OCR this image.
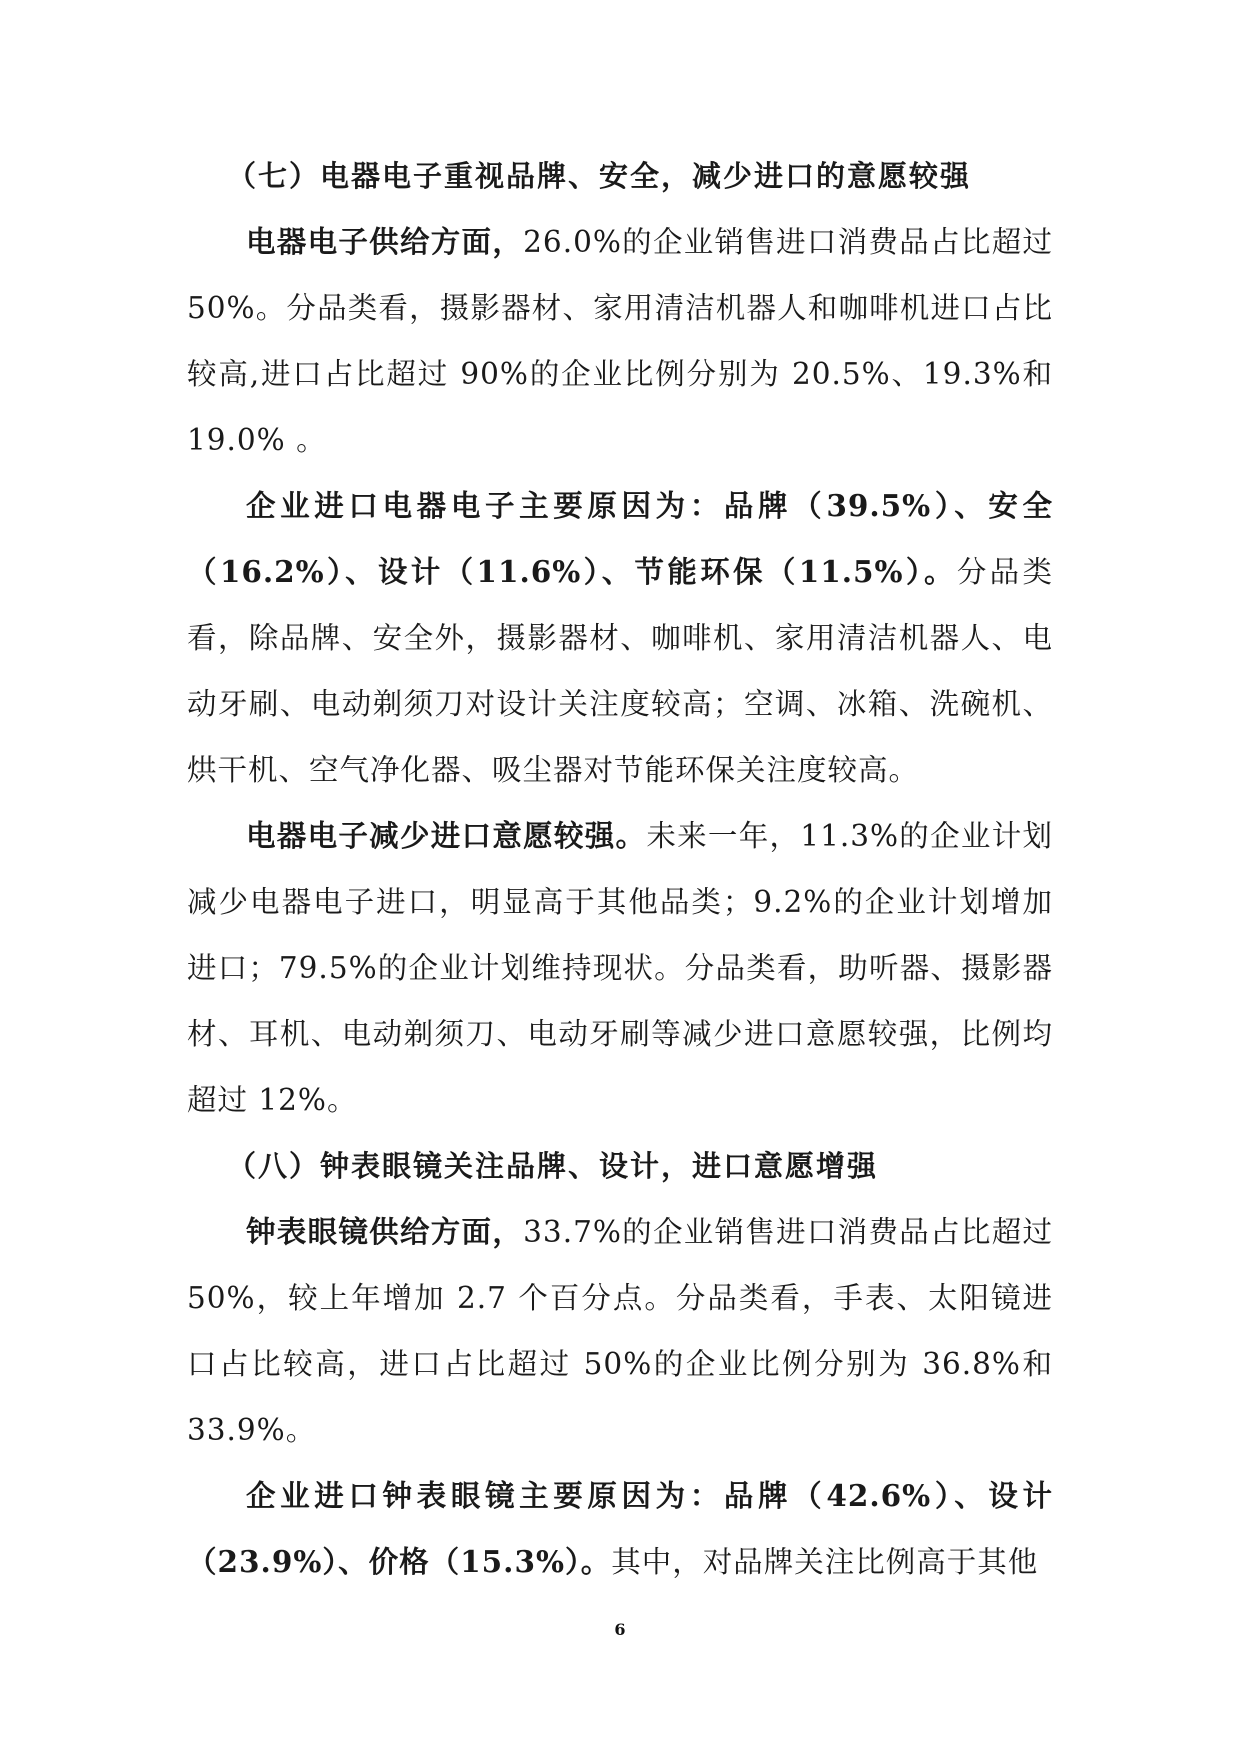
（七）电器电子重视品牌、安全，减少进口的意愿较强

电器电子供给方面，26.0%的企业销售进口消费品占比超过 50%。分品类看，摄影器材、家用清洁机器人和咖啡机进口占比较高,进口占比超过 90%的企业比例分别为 20.5%、19.3%和 19.0% 。

企业进口电器电子主要原因为：品牌（39.5%）、安全（16.2%）、设计（11.6%）、节能环保（11.5%）。分品类看，除品牌、安全外，摄影器材、咖啡机、家用清洁机器人、电动牙刷、电动剃须刀对设计关注度较高；空调、冰箱、洗碗机、烘干机、空气净化器、吸尘器对节能环保关注度较高。

电器电子减少进口意愿较强。未来一年，11.3%的企业计划减少电器电子进口，明显高于其他品类；9.2%的企业计划增加进口；79.5%的企业计划维持现状。分品类看，助听器、摄影器材、耳机、电动剃须刀、电动牙刷等减少进口意愿较强，比例均超过 12%。

（八）钟表眼镜关注品牌、设计，进口意愿增强

钟表眼镜供给方面，33.7%的企业销售进口消费品占比超过 50%，较上年增加 2.7 个百分点。分品类看，手表、太阳镜进口占比较高，进口占比超过 50%的企业比例分别为 36.8%和 33.9%。

企业进口钟表眼镜主要原因为：品牌（42.6%）、设计（23.9%）、价格（15.3%）。其中，对品牌关注比例高于其他

6
